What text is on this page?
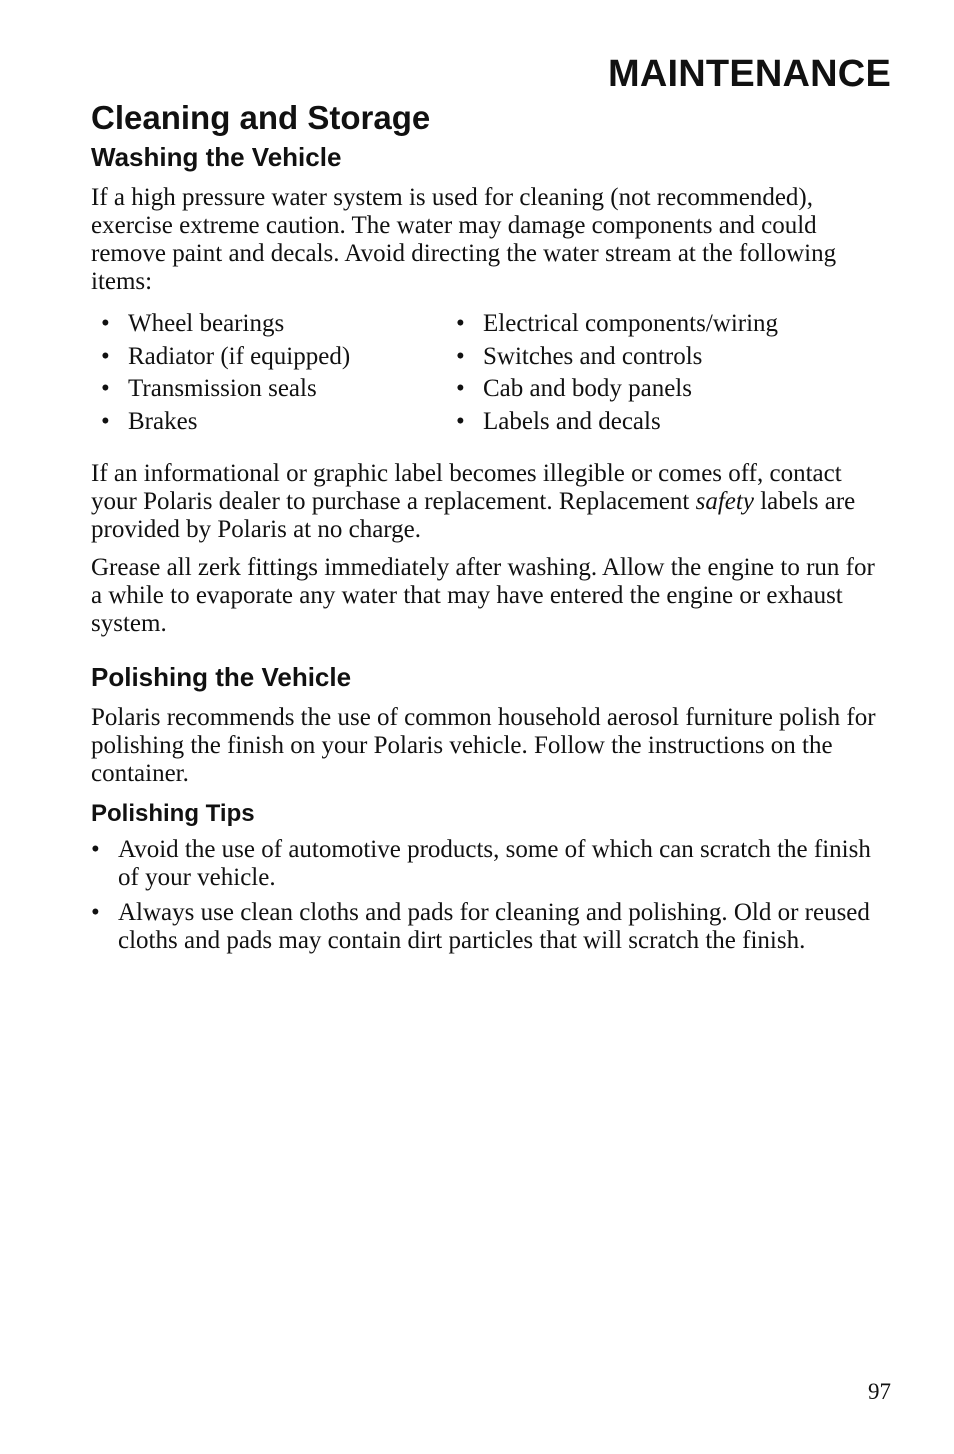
MAINTENANCE
Cleaning and Storage
Washing the Vehicle

If a high pressure water system is used for cleaning (not recommended), exercise extreme caution. The water may damage components and could remove paint and decals. Avoid directing the water stream at the following items:

• Wheel bearings
• Radiator (if equipped)
• Transmission seals
• Brakes
• Electrical components/wiring
• Switches and controls
• Cab and body panels
• Labels and decals

If an informational or graphic label becomes illegible or comes off, contact your Polaris dealer to purchase a replacement. Replacement safety labels are provided by Polaris at no charge.

Grease all zerk fittings immediately after washing. Allow the engine to run for a while to evaporate any water that may have entered the engine or exhaust system.

Polishing the Vehicle

Polaris recommends the use of common household aerosol furniture polish for polishing the finish on your Polaris vehicle. Follow the instructions on the container.

Polishing Tips
• Avoid the use of automotive products, some of which can scratch the finish of your vehicle.
• Always use clean cloths and pads for cleaning and polishing. Old or reused cloths and pads may contain dirt particles that will scratch the finish.
97
